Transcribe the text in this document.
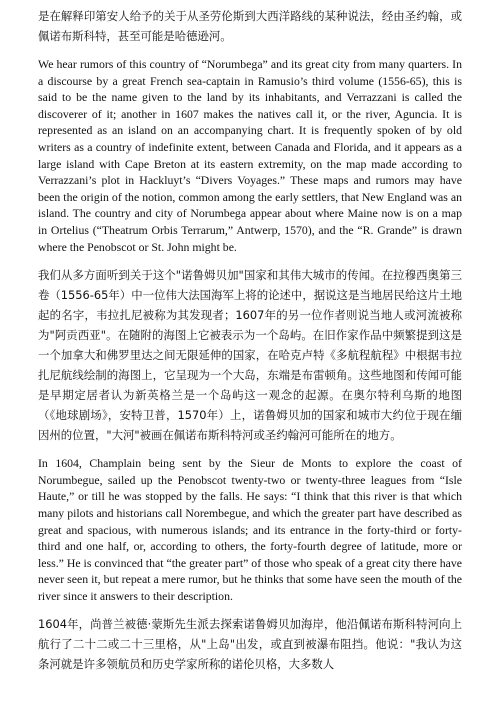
是在解释印第安人给予的关于从圣劳伦斯到大西洋路线的某种说法，经由圣约翰，或佩诺布斯科特，甚至可能是哈德逊河。

We hear rumors of this country of “Norumbega” and its great city from many quarters. In a discourse by a great French sea-captain in Ramusio’s third volume (1556-65), this is said to be the name given to the land by its inhabitants, and Verrazzani is called the discoverer of it; another in 1607 makes the natives call it, or the river, Aguncia. It is represented as an island on an accompanying chart. It is frequently spoken of by old writers as a country of indefinite extent, between Canada and Florida, and it appears as a large island with Cape Breton at its eastern extremity, on the map made according to Verrazzani’s plot in Hackluyt’s “Divers Voyages.” These maps and rumors may have been the origin of the notion, common among the early settlers, that New England was an island. The country and city of Norumbega appear about where Maine now is on a map in Ortelius (“Theatrum Orbis Terrarum,” Antwerp, 1570), and the “R. Grande” is drawn where the Penobscot or St. John might be.

我们从多方面听到关于这个"诺鲁姆贝加"国家和其伟大城市的传闻。在拉穆西奥第三卷（1556-65年）中一位伟大法国海军上将的论述中，据说这是当地居民给这片土地起的名字，韦拉扎尼被称为其发现者；1607年的另一位作者则说当地人或河流被称为"阿贡西亚"。在随附的海图上它被表示为一个岛屿。在旧作家作品中频繁提到这是一个加拿大和佛罗里达之间无限延伸的国家，在哈克卢特《多航程航程》中根据韦拉扎尼航线绘制的海图上，它呈现为一个大岛，东端是布雷顿角。这些地图和传闻可能是早期定居者认为新英格兰是一个岛屿这一观念的起源。在奥尔特利乌斯的地图（《地球剧场》，安特卫普，1570年）上，诺鲁姆贝加的国家和城市大约位于现在缅因州的位置，"大河"被画在佩诺布斯科特河或圣约翰河可能所在的地方。

In 1604, Champlain being sent by the Sieur de Monts to explore the coast of Norumbegue, sailed up the Penobscot twenty-two or twenty-three leagues from “Isle Haute,” or till he was stopped by the falls. He says: “I think that this river is that which many pilots and historians call Norembegue, and which the greater part have described as great and spacious, with numerous islands; and its entrance in the forty-third or forty-third and one half, or, according to others, the forty-fourth degree of latitude, more or less.” He is convinced that “the greater part” of those who speak of a great city there have never seen it, but repeat a mere rumor, but he thinks that some have seen the mouth of the river since it answers to their description.

1604年，尚普兰被德·蒙斯先生派去探索诺鲁姆贝加海岸，他沿佩诺布斯科特河向上航行了二十二或二十三里格，从"上岛"出发，或直到被瀑布阻挡。他说："我认为这条河就是许多领航员和历史学家所称的诺伦贝格，大多数人
